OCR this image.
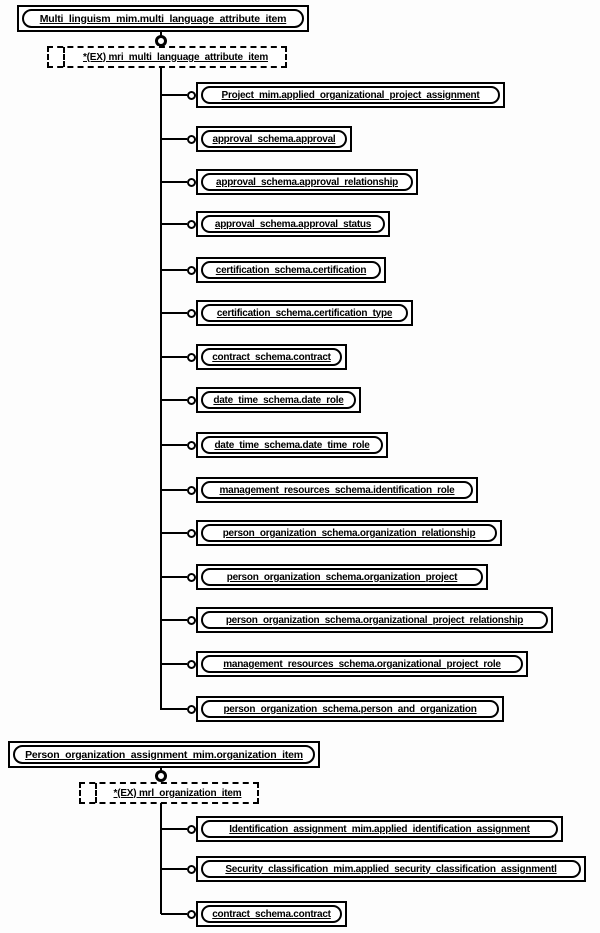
Multi_linguism_mim.multi_language_attribute_item
*(EX) mri_multi_language_attribute_item
Project_mim.applied_organizational_project_assignment
approval_schema.approval
approval_schema.approval_relationship
approval_schema.approval_status
certification_schema.certification
certification_schema.certification_type
contract_schema.contract
date_time_schema.date_role
date_time_schema.date_time_role
management_resources_schema.identification_role
person_organization_schema.organization_relationship
person_organization_schema.organization_project
person_organization_schema.organizational_project_relationship
management_resources_schema.organizational_project_role
person_organization_schema.person_and_organization
Person_organization_assignment_mim.organization_item
*(EX) mrl_organization_item
Identification_assignment_mim.applied_identification_assignment
Security_classification_mim.applied_security_classification_assignmentl
contract_schema.contract
